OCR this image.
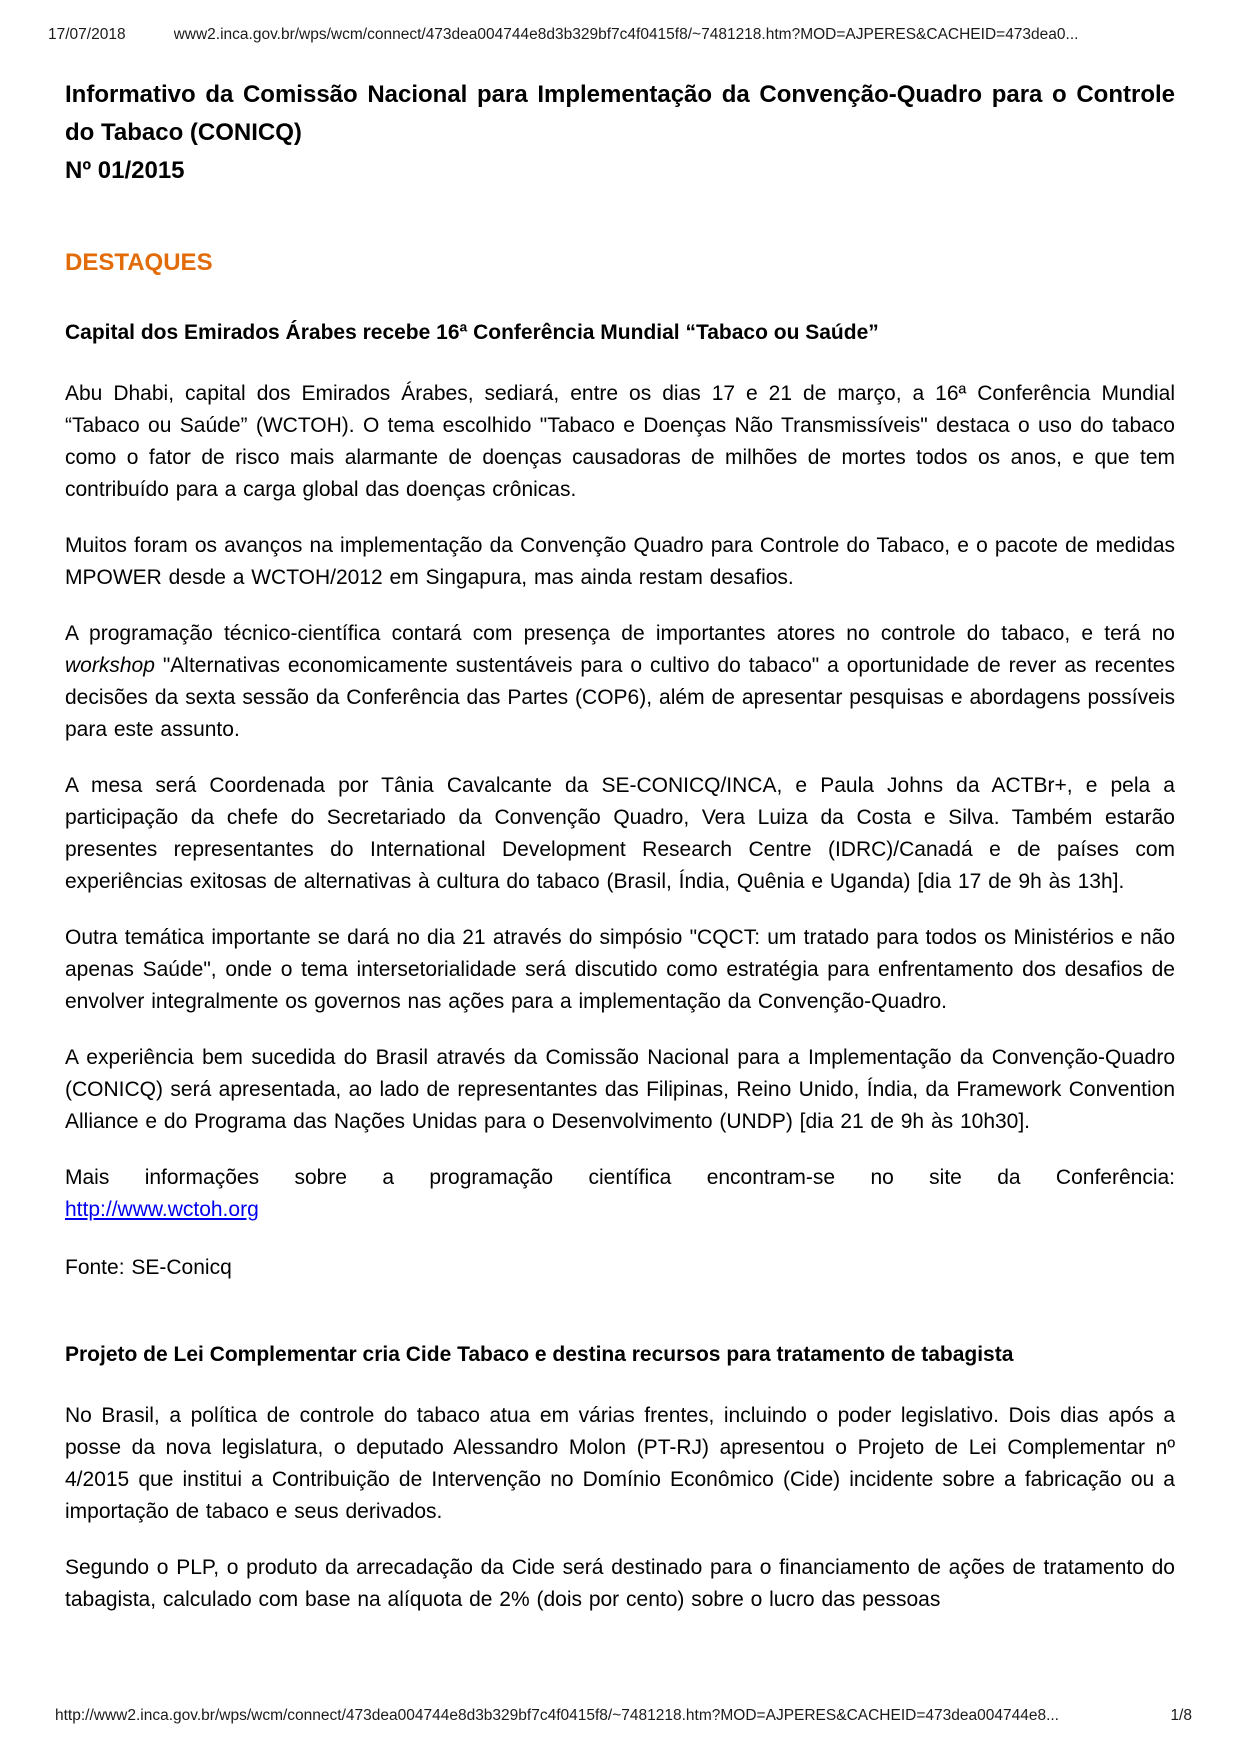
17/07/2018	www2.inca.gov.br/wps/wcm/connect/473dea004744e8d3b329bf7c4f0415f8/~7481218.htm?MOD=AJPERES&CACHEID=473dea0...
Informativo da Comissão Nacional para Implementação da Convenção-Quadro para o Controle do Tabaco (CONICQ)
Nº 01/2015
DESTAQUES
Capital dos Emirados Árabes recebe 16ª Conferência Mundial “Tabaco ou Saúde”

Abu Dhabi, capital dos Emirados Árabes, sediará, entre os dias 17 e 21 de março, a 16ª Conferência Mundial “Tabaco ou Saúde” (WCTOH). O tema escolhido "Tabaco e Doenças Não Transmissíveis" destaca o uso do tabaco como o fator de risco mais alarmante de doenças causadoras de milhões de mortes todos os anos, e que tem contribuído para a carga global das doenças crônicas.

Muitos foram os avanços na implementação da Convenção Quadro para Controle do Tabaco, e o pacote de medidas MPOWER desde a WCTOH/2012 em Singapura, mas ainda restam desafios.

A programação técnico-científica contará com presença de importantes atores no controle do tabaco, e terá no workshop "Alternativas economicamente sustentáveis para o cultivo do tabaco" a oportunidade de rever as recentes decisões da sexta sessão da Conferência das Partes (COP6), além de apresentar pesquisas e abordagens possíveis para este assunto.

A mesa será Coordenada por Tânia Cavalcante da SE-CONICQ/INCA, e Paula Johns da ACTBr+, e pela a participação da chefe do Secretariado da Convenção Quadro, Vera Luiza da Costa e Silva. Também estarão presentes representantes do International Development Research Centre (IDRC)/Canadá e de países com experiências exitosas de alternativas à cultura do tabaco (Brasil, Índia, Quênia e Uganda) [dia 17 de 9h às 13h].

Outra temática importante se dará no dia 21 através do simpósio "CQCT: um tratado para todos os Ministérios e não apenas Saúde", onde o tema intersetorialidade será discutido como estratégia para enfrentamento dos desafios de envolver integralmente os governos nas ações para a implementação da Convenção-Quadro.

A experiência bem sucedida do Brasil através da Comissão Nacional para a Implementação da Convenção-Quadro (CONICQ) será apresentada, ao lado de representantes das Filipinas, Reino Unido, Índia, da Framework Convention Alliance e do Programa das Nações Unidas para o Desenvolvimento (UNDP) [dia 21 de 9h às 10h30].

Mais informações sobre a programação científica encontram-se no site da Conferência:

http://www.wctoh.org

Fonte: SE-Conicq

Projeto de Lei Complementar cria Cide Tabaco e destina recursos para tratamento de tabagista

No Brasil, a política de controle do tabaco atua em várias frentes, incluindo o poder legislativo. Dois dias após a posse da nova legislatura, o deputado Alessandro Molon (PT-RJ) apresentou o Projeto de Lei Complementar nº 4/2015 que institui a Contribuição de Intervenção no Domínio Econômico (Cide) incidente sobre a fabricação ou a importação de tabaco e seus derivados.

Segundo o PLP, o produto da arrecadação da Cide será destinado para o financiamento de ações de tratamento do tabagista, calculado com base na alíquota de 2% (dois por cento) sobre o lucro das pessoas

http://www2.inca.gov.br/wps/wcm/connect/473dea004744e8d3b329bf7c4f0415f8/~7481218.htm?MOD=AJPERES&CACHEID=473dea004744e8...	1/8
